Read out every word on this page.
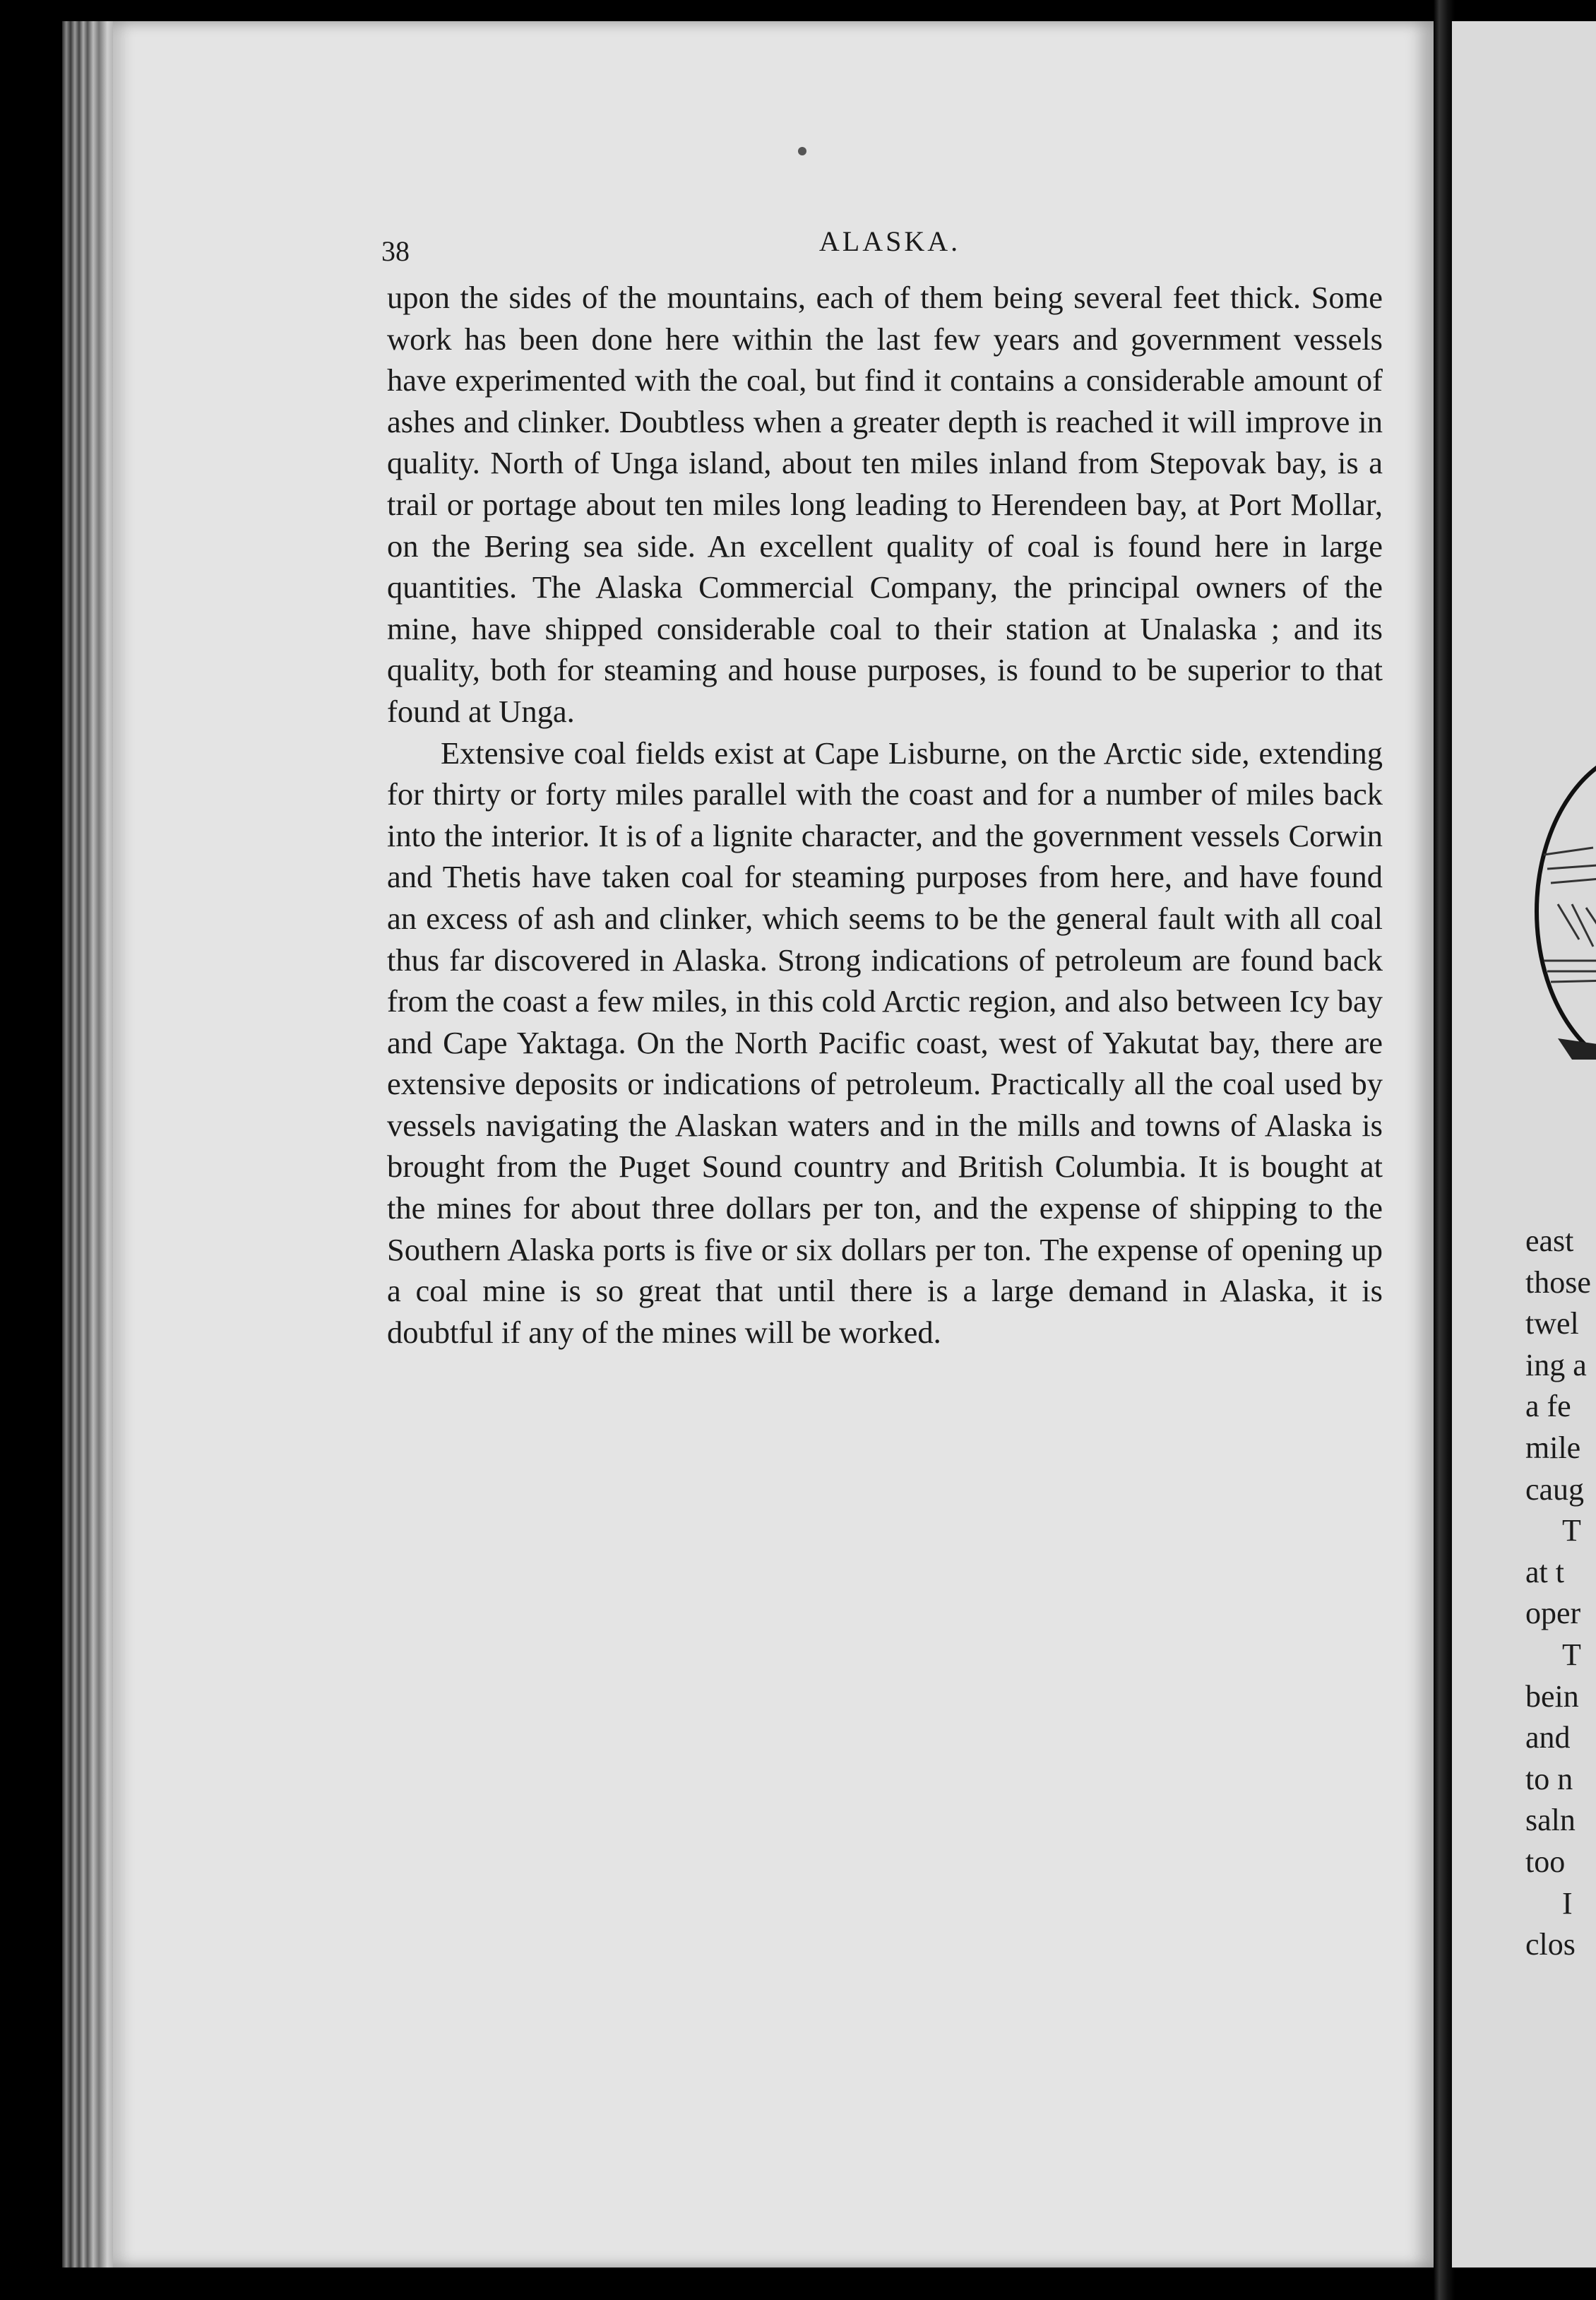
38	ALASKA.

upon the sides of the mountains, each of them being several feet thick. Some work has been done here within the last few years and government vessels have experimented with the coal, but find it contains a considerable amount of ashes and clinker. Doubtless when a greater depth is reached it will improve in quality. North of Unga island, about ten miles inland from Stepovak bay, is a trail or portage about ten miles long leading to Herendeen bay, at Port Mollar, on the Bering sea side. An excellent quality of coal is found here in large quantities. The Alaska Commercial Company, the principal owners of the mine, have shipped considerable coal to their station at Unalaska ; and its quality, both for steaming and house purposes, is found to be superior to that found at Unga.

Extensive coal fields exist at Cape Lisburne, on the Arctic side, extending for thirty or forty miles parallel with the coast and for a number of miles back into the interior. It is of a lignite character, and the government vessels Corwin and Thetis have taken coal for steaming purposes from here, and have found an excess of ash and clinker, which seems to be the general fault with all coal thus far discovered in Alaska. Strong indications of petroleum are found back from the coast a few miles, in this cold Arctic region, and also between Icy bay and Cape Yaktaga. On the North Pacific coast, west of Yakutat bay, there are extensive deposits or indications of petroleum. Practically all the coal used by vessels navigating the Alaskan waters and in the mills and towns of Alaska is brought from the Puget Sound country and British Columbia. It is bought at the mines for about three dollars per ton, and the expense of shipping to the Southern Alaska ports is five or six dollars per ton. The expense of opening up a coal mine is so great that until there is a large demand in Alaska, it is doubtful if any of the mines will be worked.

east
those
twel
ing a
a fe
mile
caug
T
at t
oper
T
bein
and
to n
saln
too
I
clos
